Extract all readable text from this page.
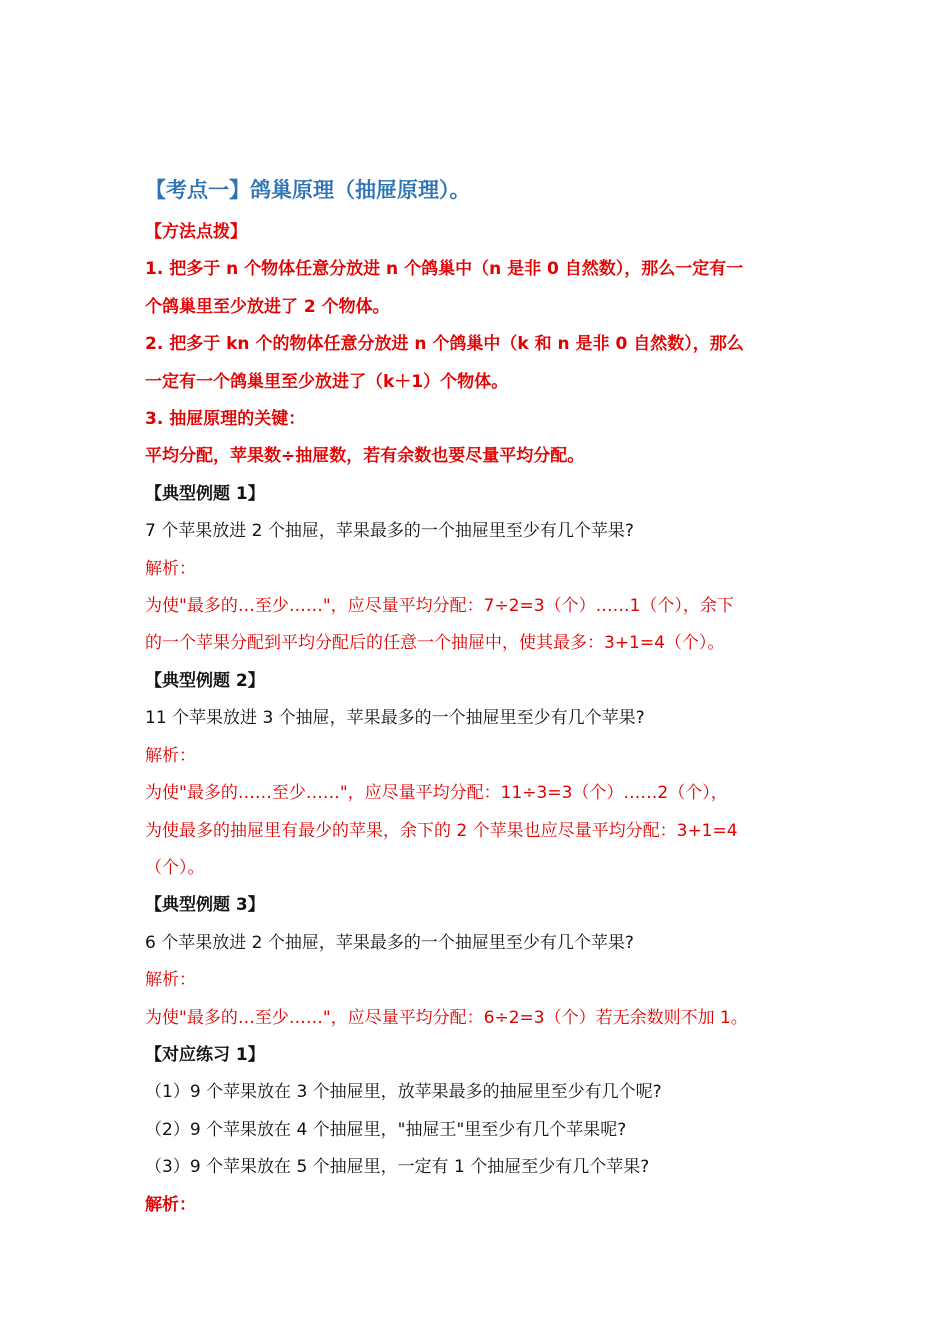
【考点一】鸽巢原理（抽屉原理）。
【方法点拨】
1. 把多于 n 个物体任意分放进 n 个鸽巢中（n 是非 0 自然数），那么一定有一
个鸽巢里至少放进了 2 个物体。
2. 把多于 kn 个的物体任意分放进 n 个鸽巢中（k 和 n 是非 0 自然数），那么
一定有一个鸽巢里至少放进了（k＋1）个物体。
3. 抽屉原理的关键：
平均分配，苹果数÷抽屉数，若有余数也要尽量平均分配。
【典型例题 1】
7 个苹果放进 2 个抽屉，苹果最多的一个抽屉里至少有几个苹果?
解析：
为使"最多的…至少……"，应尽量平均分配：7÷2=3（个）……1（个），余下
的一个苹果分配到平均分配后的任意一个抽屉中，使其最多：3+1=4（个）。
【典型例题 2】
11 个苹果放进 3 个抽屉，苹果最多的一个抽屉里至少有几个苹果?
解析：
为使"最多的……至少……"，应尽量平均分配：11÷3=3（个）……2（个），
为使最多的抽屉里有最少的苹果，余下的 2 个苹果也应尽量平均分配：3+1=4
（个）。
【典型例题 3】
6 个苹果放进 2 个抽屉，苹果最多的一个抽屉里至少有几个苹果?
解析：
为使"最多的…至少……"，应尽量平均分配：6÷2=3（个）若无余数则不加 1。
【对应练习 1】
（1）9 个苹果放在 3 个抽屉里，放苹果最多的抽屉里至少有几个呢?
（2）9 个苹果放在 4 个抽屉里，"抽屉王"里至少有几个苹果呢?
（3）9 个苹果放在 5 个抽屉里，一定有 1 个抽屉至少有几个苹果?
解析：
